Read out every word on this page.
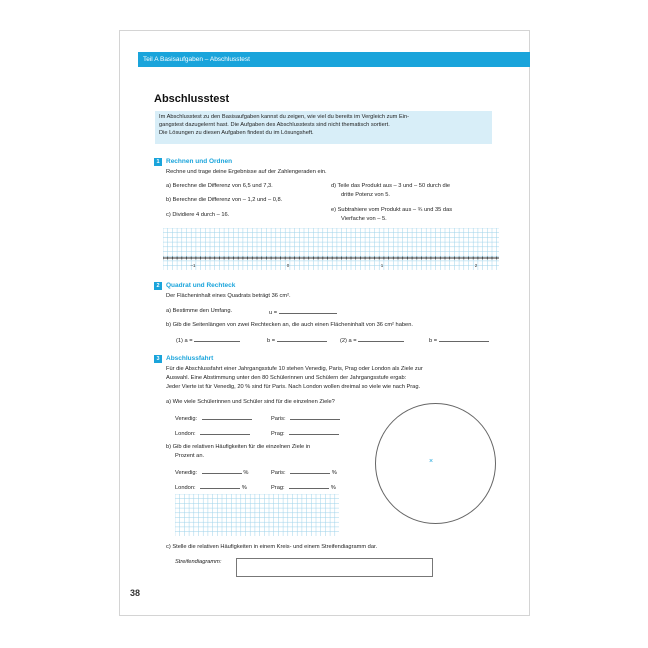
Teil A Basisaufgaben – Abschlusstest
Abschlusstest
Im Abschlusstest zu den Basisaufgaben kannst du zeigen, wie viel du bereits im Vergleich zum Ein-
gangstest dazugelernt hast. Die Aufgaben des Abschlusstests sind nicht thematisch sortiert.
Die Lösungen zu diesen Aufgaben findest du im Lösungsheft.
1 Rechnen und Ordnen
Rechne und trage deine Ergebnisse auf der Zahlengeraden ein.
a) Berechne die Differenz von 6,5 und 7,3.
b) Berechne die Differenz von – 1,2 und – 0,8.
c) Dividiere 4 durch – 16.
d) Teile das Produkt aus – 3 und – 50 durch die
dritte Potenz von 5.
e) Subtrahiere vom Produkt aus – ¾ und 35 das
Vierfache von – 5.
–1	0	1	2
2 Quadrat und Rechteck
Der Flächeninhalt eines Quadrats beträgt 36 cm².
a) Bestimme den Umfang.	u =
b) Gib die Seitenlängen von zwei Rechtecken an, die auch einen Flächeninhalt von 36 cm² haben.
(1) a =	b =	(2) a =	b =
3 Abschlussfahrt
Für die Abschlussfahrt einer Jahrgangsstufe 10 stehen Venedig, Paris, Prag oder London als Ziele zur
Auswahl. Eine Abstimmung unter den 80 Schülerinnen und Schülern der Jahrgangsstufe ergab:
Jeder Vierte ist für Venedig, 20 % sind für Paris. Nach London wollen dreimal so viele wie nach Prag.
a) Wie viele Schülerinnen und Schüler sind für die einzelnen Ziele?
Venedig:	Paris:
London:	Prag:
b) Gib die relativen Häufigkeiten für die einzelnen Ziele in
Prozent an.
Venedig:	%	Paris:	%
London:	%	Prag:	%
×
c) Stelle die relativen Häufigkeiten in einem Kreis- und einem Streifendiagramm dar.
Streifendiagramm:
38
